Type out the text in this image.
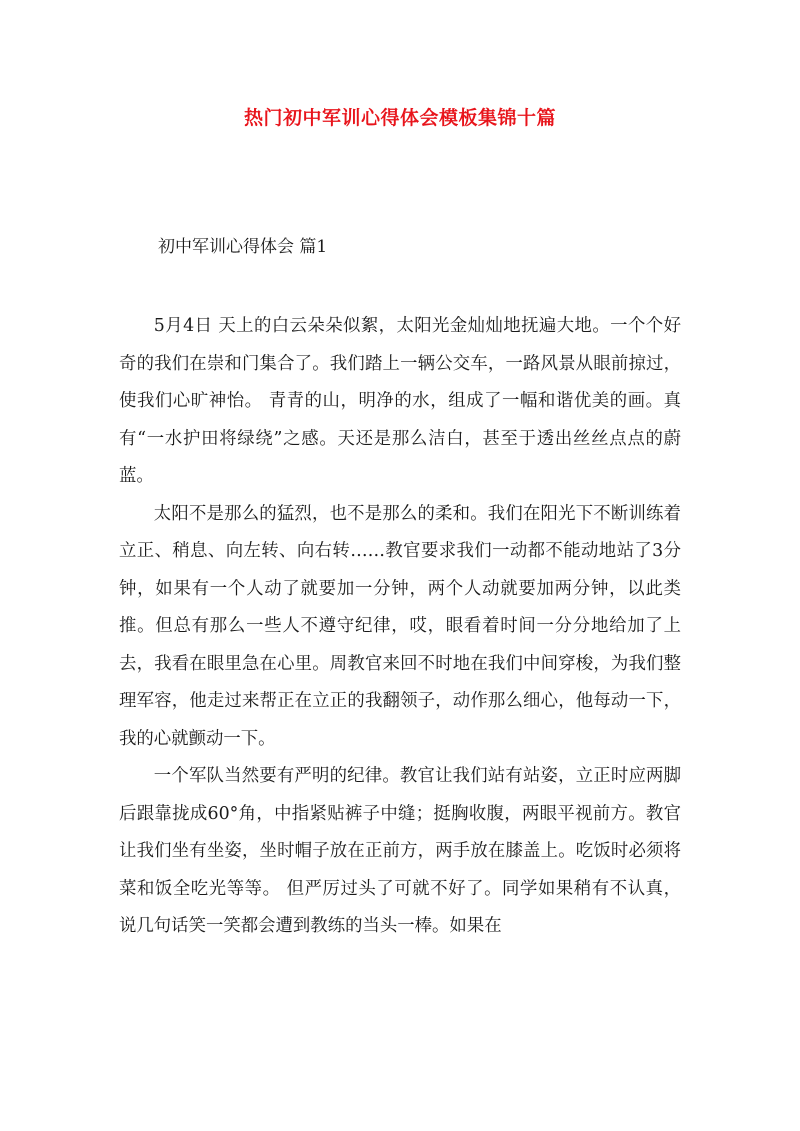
热门初中军训心得体会模板集锦十篇
初中军训心得体会 篇1

5月4日 天上的白云朵朵似絮，太阳光金灿灿地抚遍大地。一个个好奇的我们在崇和门集合了。我们踏上一辆公交车，一路风景从眼前掠过，使我们心旷神怡。 青青的山，明净的水，组成了一幅和谐优美的画。真有“一水护田将绿绕”之感。天还是那么洁白，甚至于透出丝丝点点的蔚蓝。

太阳不是那么的猛烈，也不是那么的柔和。我们在阳光下不断训练着立正、稍息、向左转、向右转……教官要求我们一动都不能动地站了3分钟，如果有一个人动了就要加一分钟，两个人动就要加两分钟，以此类推。但总有那么一些人不遵守纪律，哎，眼看着时间一分分地给加了上去，我看在眼里急在心里。周教官来回不时地在我们中间穿梭，为我们整理军容，他走过来帮正在立正的我翻领子，动作那么细心，他每动一下，我的心就颤动一下。

一个军队当然要有严明的纪律。教官让我们站有站姿，立正时应两脚后跟靠拢成60°角，中指紧贴裤子中缝；挺胸收腹，两眼平视前方。教官让我们坐有坐姿，坐时帽子放在正前方，两手放在膝盖上。吃饭时必须将菜和饭全吃光等等。 但严厉过头了可就不好了。同学如果稍有不认真，说几句话笑一笑都会遭到教练的当头一棒。如果在
